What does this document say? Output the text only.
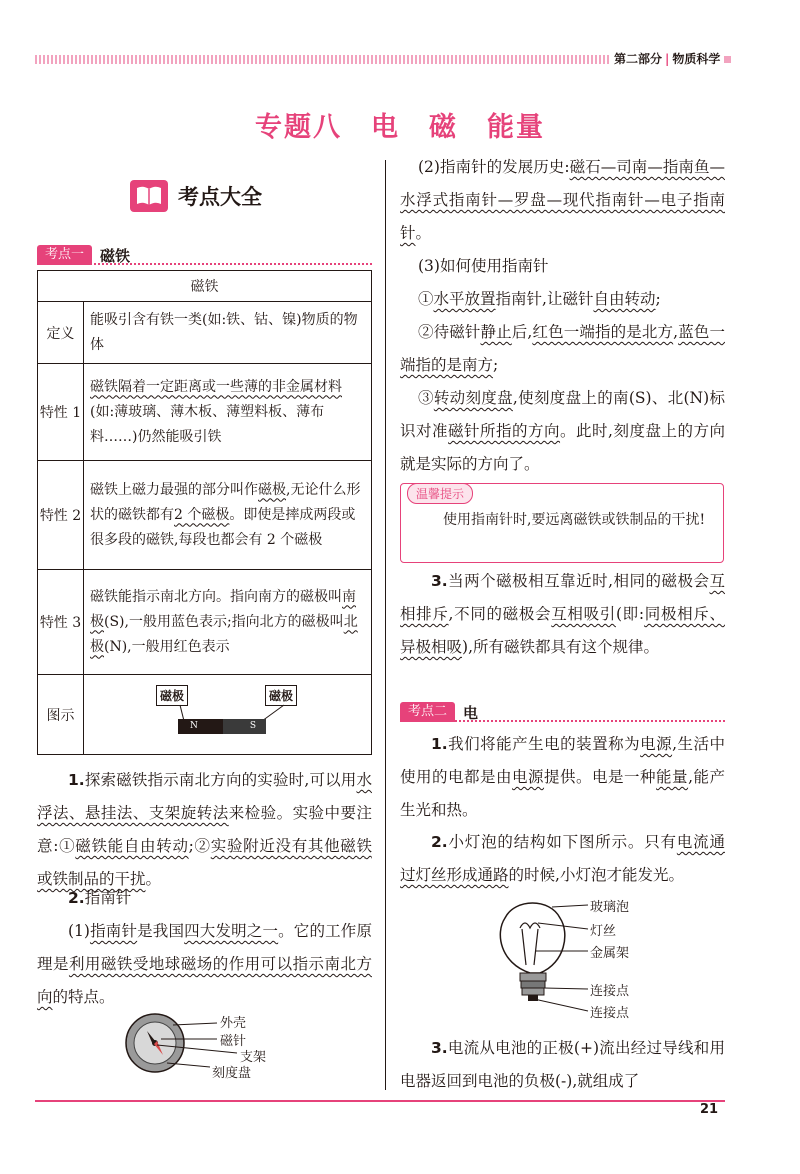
第二部分 | 物质科学
专题八　电　磁　能量
考点大全
考点一	磁铁
磁铁	
定义	能吸引含有铁一类(如:铁、钴、镍)物质的物体
特性 1	磁铁隔着一定距离或一些薄的非金属材料(如:薄玻璃、薄木板、薄塑料板、薄布料……)仍然能吸引铁
特性 2	磁铁上磁力最强的部分叫作磁极,无论什么形状的磁铁都有2 个磁极。即使是摔成两段或很多段的磁铁,每段也都会有 2 个磁极
特性 3	磁铁能指示南北方向。指向南方的磁极叫南极(S),一般用蓝色表示;指向北方的磁极叫北极(N),一般用红色表示
图示	磁极 磁极
N S
1.探索磁铁指示南北方向的实验时,可以用水浮法、悬挂法、支架旋转法来检验。实验中要注意:①磁铁能自由转动;②实验附近没有其他磁铁或铁制品的干扰。
2.指南针
(1)指南针是我国四大发明之一。它的工作原理是利用磁铁受地球磁场的作用可以指示南北方向的特点。
外壳
磁针
支架
刻度盘
(2)指南针的发展历史:磁石—司南—指南鱼—水浮式指南针—罗盘—现代指南针—电子指南针。
(3)如何使用指南针
①水平放置指南针,让磁针自由转动;
②待磁针静止后,红色一端指的是北方,蓝色一端指的是南方;
③转动刻度盘,使刻度盘上的南(S)、北(N)标识对准磁针所指的方向。此时,刻度盘上的方向就是实际的方向了。
温馨提示
使用指南针时,要远离磁铁或铁制品的干扰!
3.当两个磁极相互靠近时,相同的磁极会互相排斥,不同的磁极会互相吸引(即:同极相斥、异极相吸),所有磁铁都具有这个规律。
考点二	电
1.我们将能产生电的装置称为电源,生活中使用的电都是由电源提供。电是一种能量,能产生光和热。
2.小灯泡的结构如下图所示。只有电流通过灯丝形成通路的时候,小灯泡才能发光。
玻璃泡
灯丝
金属架
连接点
连接点
3.电流从电池的正极(+)流出经过导线和用电器返回到电池的负极(-),就组成了
21
